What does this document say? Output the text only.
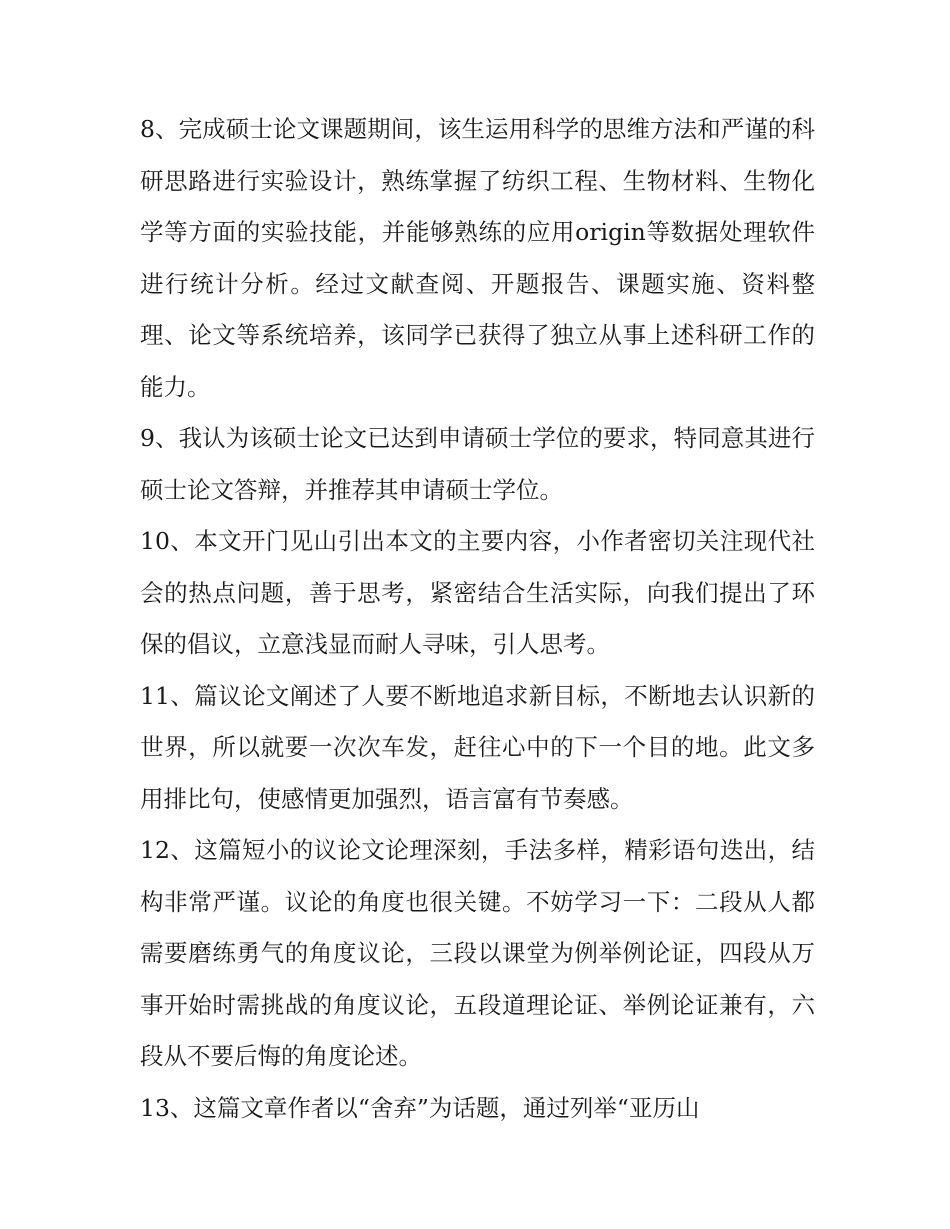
8、完成硕士论文课题期间，该生运用科学的思维方法和严谨的科研思路进行实验设计，熟练掌握了纺织工程、生物材料、生物化学等方面的实验技能，并能够熟练的应用origin等数据处理软件进行统计分析。经过文献查阅、开题报告、课题实施、资料整理、论文等系统培养，该同学已获得了独立从事上述科研工作的能力。

9、我认为该硕士论文已达到申请硕士学位的要求，特同意其进行硕士论文答辩，并推荐其申请硕士学位。

10、本文开门见山引出本文的主要内容，小作者密切关注现代社会的热点问题，善于思考，紧密结合生活实际，向我们提出了环保的倡议，立意浅显而耐人寻味，引人思考。

11、篇议论文阐述了人要不断地追求新目标，不断地去认识新的世界，所以就要一次次车发，赶往心中的下一个目的地。此文多用排比句，使感情更加强烈，语言富有节奏感。

12、这篇短小的议论文论理深刻，手法多样，精彩语句迭出，结构非常严谨。议论的角度也很关键。不妨学习一下：二段从人都需要磨练勇气的角度议论，三段以课堂为例举例论证，四段从万事开始时需挑战的角度议论，五段道理论证、举例论证兼有，六段从不要后悔的角度论述。

13、这篇文章作者以“舍弃”为话题，通过列举“亚历山
